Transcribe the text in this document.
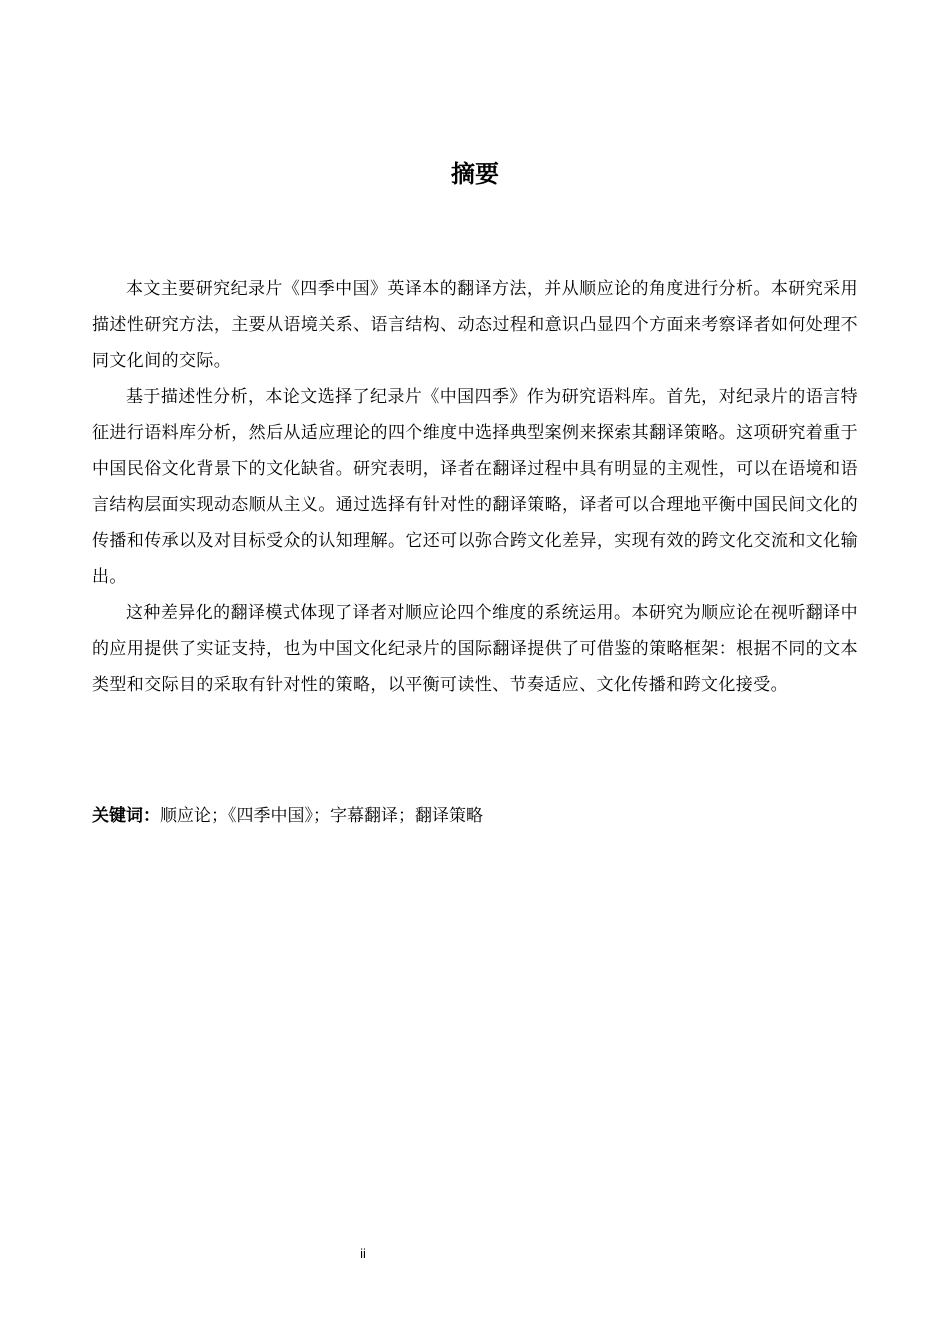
摘要

本文主要研究纪录片《四季中国》英译本的翻译方法，并从顺应论的角度进行分析。本研究采用描述性研究方法，主要从语境关系、语言结构、动态过程和意识凸显四个方面来考察译者如何处理不同文化间的交际。

基于描述性分析，本论文选择了纪录片《中国四季》作为研究语料库。首先，对纪录片的语言特征进行语料库分析，然后从适应理论的四个维度中选择典型案例来探索其翻译策略。这项研究着重于中国民俗文化背景下的文化缺省。研究表明，译者在翻译过程中具有明显的主观性，可以在语境和语言结构层面实现动态顺从主义。通过选择有针对性的翻译策略，译者可以合理地平衡中国民间文化的传播和传承以及对目标受众的认知理解。它还可以弥合跨文化差异，实现有效的跨文化交流和文化输出。

这种差异化的翻译模式体现了译者对顺应论四个维度的系统运用。本研究为顺应论在视听翻译中的应用提供了实证支持，也为中国文化纪录片的国际翻译提供了可借鉴的策略框架：根据不同的文本类型和交际目的采取有针对性的策略，以平衡可读性、节奏适应、文化传播和跨文化接受。

关键词：顺应论；《四季中国》；字幕翻译；翻译策略

ii
